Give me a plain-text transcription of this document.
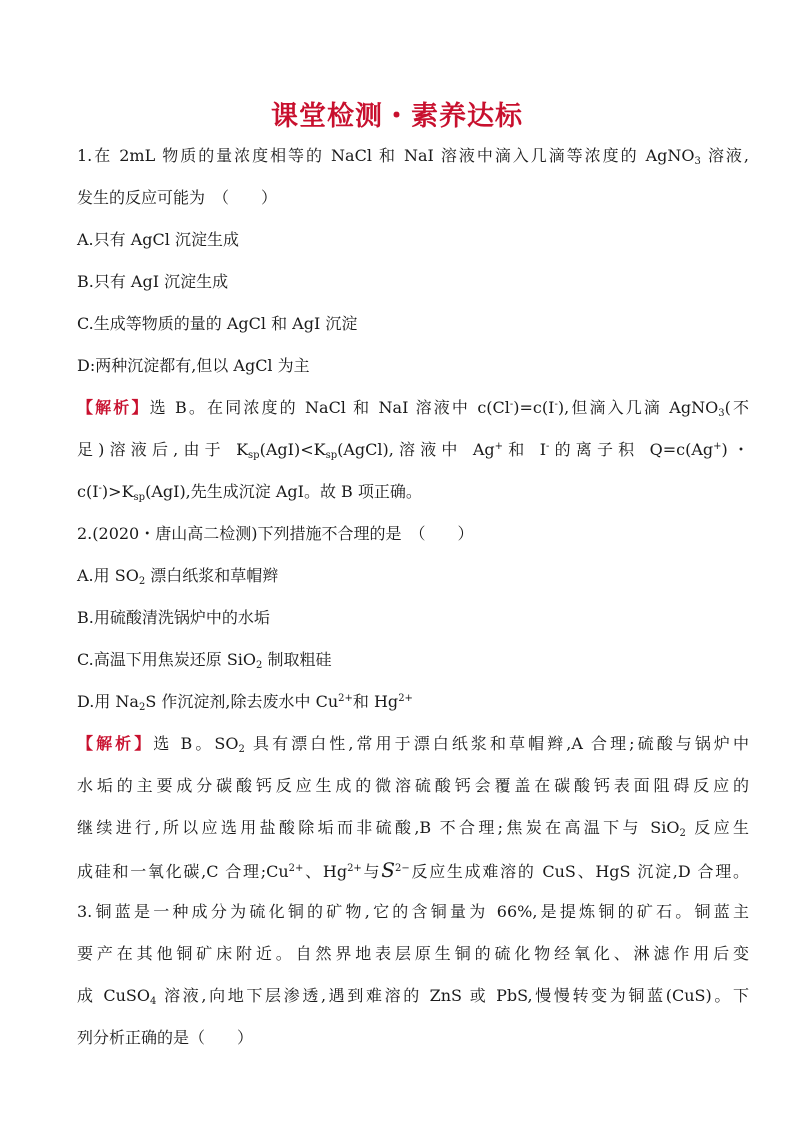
课堂检测・素养达标
1.在 2mL 物质的量浓度相等的 NaCl 和 NaI 溶液中滴入几滴等浓度的 AgNO$_3$ 溶液,
发生的反应可能为　（　　）
A.只有 AgCl 沉淀生成
B.只有 AgI 沉淀生成
C.生成等物质的量的 AgCl 和 AgI 沉淀
D:两种沉淀都有,但以 AgCl 为主
【解析】选 B。在同浓度的 NaCl 和 NaI 溶液中 c(Cl-)=c(I-),但滴入几滴 AgNO$_3$(不
足)溶液后,由于 $K_{sp}(AgI)<K_{sp}(AgCl)$,溶液中 Ag+和 I-的离子积 Q=c(Ag+)・
$c(I^-)>K_{sp}(AgI)$,先生成沉淀 AgI。故 B 项正确。
2.(2020・唐山高二检测)下列措施不合理的是　（　　）
A.用 $SO_2$ 漂白纸浆和草帽辫
B.用硫酸清洗锅炉中的水垢
C.高温下用焦炭还原 SiO$_2$ 制取粗硅
D.用 $Na_2S$ 作沉淀剂,除去废水中 $Cu^{2+}$和 $Hg^{2+}$
【解析】选 B。$SO_2$ 具有漂白性,常用于漂白纸浆和草帽辫,A 合理;硫酸与锅炉中
水垢的主要成分碳酸钙反应生成的微溶硫酸钙会覆盖在碳酸钙表面阻碍反应的
继续进行,所以应选用盐酸除垢而非硫酸,B 不合理;焦炭在高温下与 SiO$_2$ 反应生
成硅和一氧化碳,C 合理$;Cu^{2+}$、$Hg^{2+}$与$S^{2-}$反应生成难溶的 CuS、HgS 沉淀,D 合理。
3.铜蓝是一种成分为硫化铜的矿物,它的含铜量为 66%,是提炼铜的矿石。铜蓝主
要产在其他铜矿床附近。自然界地表层原生铜的硫化物经氧化、淋滤作用后变
成 CuSO$_4$ 溶液,向地下层渗透,遇到难溶的 ZnS 或 PbS,慢慢转变为铜蓝(CuS)。下
列分析正确的是（　　）
